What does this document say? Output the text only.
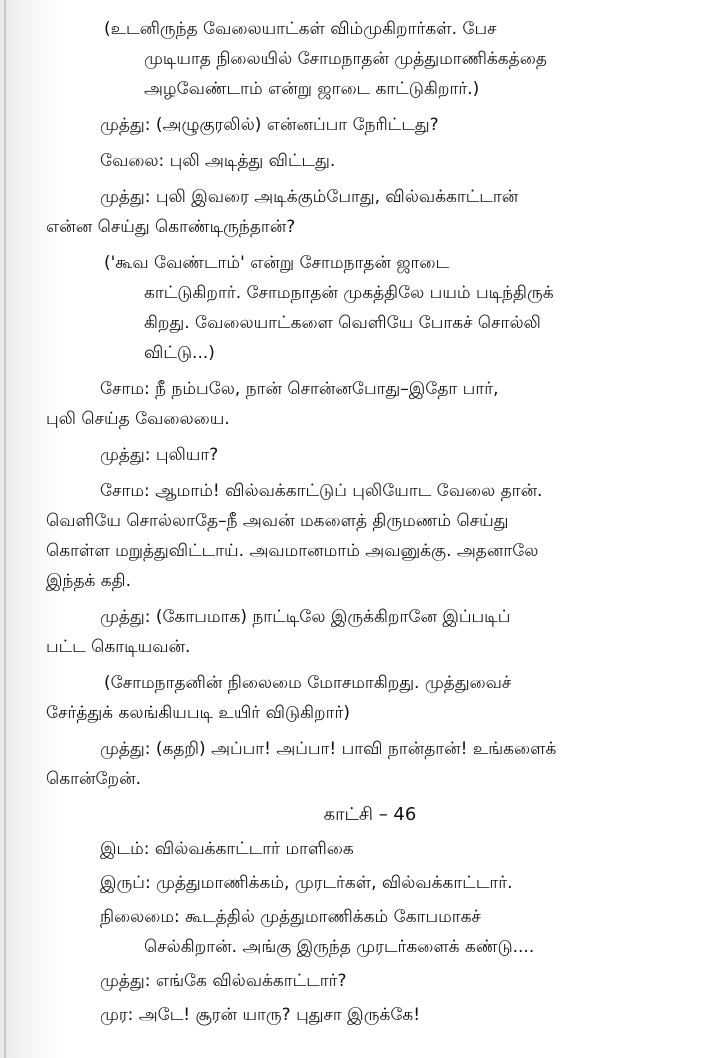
(உடனிருந்த வேலையாட்கள் விம்முகிறார்கள். பேச
முடியாத நிலையில் சோமநாதன் முத்துமாணிக்கத்தை
அழவேண்டாம் என்று ஜாடை காட்டுகிறார்.)

முத்து: (அழுகுரலில்) என்னப்பா நேரிட்டது?

வேலை: புலி அடித்து விட்டது.

முத்து: புலி இவரை அடிக்கும்போது, வில்வக்காட்டான்
என்ன செய்து கொண்டிருந்தான்?

('கூவ வேண்டாம்' என்று சோமநாதன் ஜாடை
காட்டுகிறார். சோமநாதன் முகத்திலே பயம் படிந்திருக்
கிறது. வேலையாட்களை வெளியே போகச் சொல்லி
விட்டு...)

சோம: நீ நம்பலே, நான் சொன்னபோது–இதோ பார்,
புலி செய்த வேலையை.

முத்து: புலியா?

சோம: ஆமாம்! வில்வக்காட்டுப் புலியோட வேலை தான்.
வெளியே சொல்லாதே–நீ அவன் மகளைத் திருமணம் செய்து
கொள்ள மறுத்துவிட்டாய். அவமானமாம் அவனுக்கு. அதனாலே
இந்தக் கதி.

முத்து: (கோபமாக) நாட்டிலே இருக்கிறானே இப்படிப்
பட்ட கொடியவன்.

(சோமநாதனின் நிலைமை மோசமாகிறது. முத்துவைச்
சேர்த்துக் கலங்கியபடி உயிர் விடுகிறார்)

முத்து: (கதறி) அப்பா! அப்பா! பாவி நான்தான்! உங்களைக்
கொன்றேன்.

காட்சி – 46

இடம்: வில்வக்காட்டார் மாளிகை

இருப்: முத்துமாணிக்கம், முரடர்கள், வில்வக்காட்டார்.

நிலைமை: கூடத்தில் முத்துமாணிக்கம் கோபமாகச்
செல்கிறான். அங்கு இருந்த முரடர்களைக் கண்டு....

முத்து: எங்கே வில்வக்காட்டார்?

முர: அடே! சூரன் யாரு? புதுசா இருக்கே!
